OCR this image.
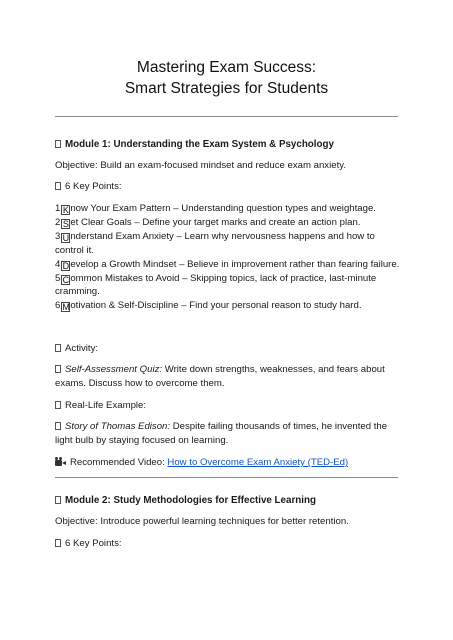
Mastering Exam Success:
Smart Strategies for Students
Module 1: Understanding the Exam System & Psychology
Objective: Build an exam-focused mindset and reduce exam anxiety.
6 Key Points:
1 K now Your Exam Pattern – Understanding question types and weightage.
2 S et Clear Goals – Define your target marks and create an action plan.
3 Understand Exam Anxiety – Learn why nervousness happens and how to control it.
4 Develop a Growth Mindset – Believe in improvement rather than fearing failure.
5 Common Mistakes to Avoid – Skipping topics, lack of practice, last-minute cramming.
6 Motivation & Self-Discipline – Find your personal reason to study hard.
Activity:
Self-Assessment Quiz: Write down strengths, weaknesses, and fears about exams. Discuss how to overcome them.
Real-Life Example:
Story of Thomas Edison: Despite failing thousands of times, he invented the light bulb by staying focused on learning.
Recommended Video: How to Overcome Exam Anxiety (TED-Ed)
Module 2: Study Methodologies for Effective Learning
Objective: Introduce powerful learning techniques for better retention.
6 Key Points:
